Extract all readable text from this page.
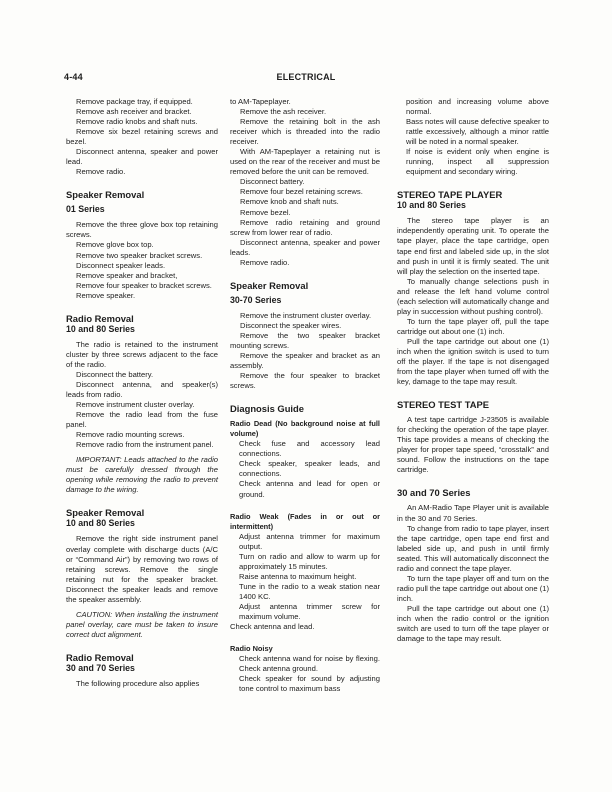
4-44	ELECTRICAL

Remove package tray, if equipped.

Remove ash receiver and bracket.

Remove radio knobs and shaft nuts.

Remove six bezel retaining screws and bezel.

Disconnect antenna, speaker and power lead.

Remove radio.

Speaker Removal
01 Series

Remove the three glove box top retaining screws.

Remove glove box top.

Remove two speaker bracket screws.

Disconnect speaker leads.

Remove speaker and bracket,

Remove four speaker to bracket screws.

Remove speaker.

Radio Removal
10 and 80 Series

The radio is retained to the instrument cluster by three screws adjacent to the face of the radio.

Disconnect the battery.

Disconnect antenna, and speaker(s) leads from radio.

Remove instrument cluster overlay.

Remove the radio lead from the fuse panel.

Remove radio mounting screws.

Remove radio from the instrument panel.

IMPORTANT: Leads attached to the radio must be carefully dressed through the opening while removing the radio to prevent damage to the wiring.

Speaker Removal
10 and 80 Series

Remove the right side instrument panel overlay complete with discharge ducts (A/C or “Command Air”) by removing two rows of retaining screws. Remove the single retaining nut for the speaker bracket. Disconnect the speaker leads and remove the speaker assembly.

CAUTION: When installing the instrument panel overlay, care must be taken to insure correct duct alignment.

Radio Removal
30 and 70 Series

The following procedure also applies

to AM-Tapeplayer.

Remove the ash receiver.

Remove the retaining bolt in the ash receiver which is threaded into the radio receiver.

With AM-Tapeplayer a retaining nut is used on the rear of the receiver and must be removed before the unit can be removed.

Disconnect battery.

Remove four bezel retaining screws.

Remove knob and shaft nuts.

Remove bezel.

Remove radio retaining and ground screw from lower rear of radio.

Disconnect antenna, speaker and power leads.

Remove radio.

Speaker Removal
30-70 Series

Remove the instrument cluster overlay.

Disconnect the speaker wires.

Remove the two speaker bracket mounting screws.

Remove the speaker and bracket as an assembly.

Remove the four speaker to bracket screws.

Diagnosis Guide

Radio Dead (No background noise at full volume)

Check fuse and accessory lead connections.

Check speaker, speaker leads, and connections.

Check antenna and lead for open or ground.

Radio Weak (Fades in or out or intermittent)

Adjust antenna trimmer for maximum output.

Turn on radio and allow to warm up for approximately 15 minutes.

Raise antenna to maximum height.

Tune in the radio to a weak station near 1400 KC.

Adjust antenna trimmer screw for maximum volume.

Check antenna and lead.

Radio Noisy

Check antenna wand for noise by flexing. Check antenna ground.

Check speaker for sound by adjusting tone control to maximum bass

position and increasing volume above normal.

Bass notes will cause defective speaker to rattle excessively, although a minor rattle will be noted in a normal speaker.

If noise is evident only when engine is running, inspect all suppression equipment and secondary wiring.

STEREO TAPE PLAYER
10 and 80 Series

The stereo tape player is an independently operating unit. To operate the tape player, place the tape cartridge, open tape end first and labeled side up, in the slot and push in until it is firmly seated. The unit will play the selection on the inserted tape.

To manually change selections push in and release the left hand volume control (each selection will automatically change and play in succession without pushing control).

To turn the tape player off, pull the tape cartridge out about one (1) inch.

Pull the tape cartridge out about one (1) inch when the ignition switch is used to turn off the player. If the tape is not disengaged from the tape player when turned off with the key, damage to the tape may result.

STEREO TEST TAPE

A test tape cartridge J-23505 is available for checking the operation of the tape player. This tape provides a means of checking the player for proper tape speed, “crosstalk” and sound. Follow the instructions on the tape cartridge.

30 and 70 Series

An AM-Radio Tape Player unit is available in the 30 and 70 Series.

To change from radio to tape player, insert the tape cartridge, open tape end first and labeled side up, and push in until firmly seated. This will automatically disconnect the radio and connect the tape player.

To turn the tape player off and turn on the radio pull the tape cartridge out about one (1) inch.

Pull the tape cartridge out about one (1) inch when the radio control or the ignition switch are used to turn off the tape player or damage to the tape may result.
